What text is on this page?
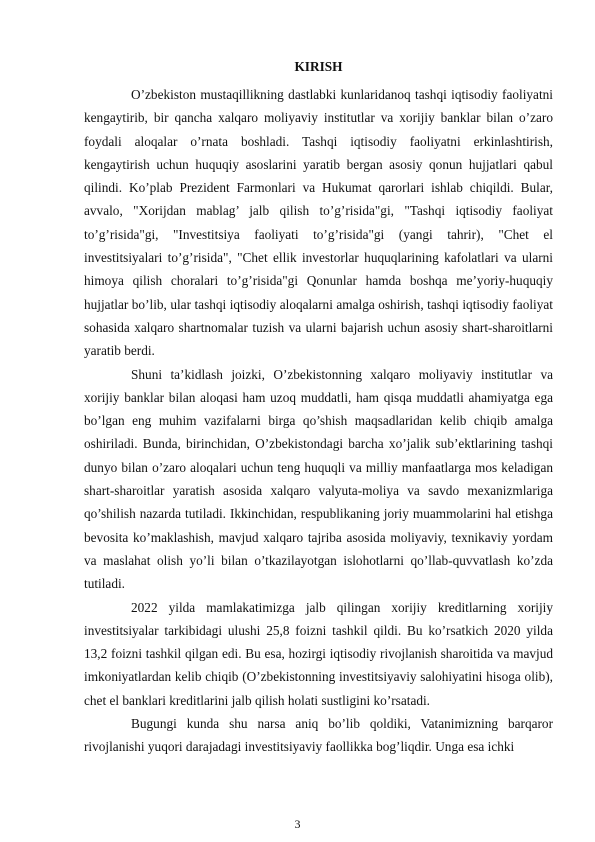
KIRISH

O’zbekiston mustaqillikning dastlabki kunlaridanoq tashqi iqtisodiy faoliyatni kengaytirib, bir qancha xalqaro moliyaviy institutlar va xorijiy banklar bilan o’zaro foydali aloqalar o’rnata boshladi. Tashqi iqtisodiy faoliyatni erkinlashtirish, kengaytirish uchun huquqiy asoslarini yaratib bergan asosiy qonun hujjatlari qabul qilindi. Ko’plab Prezident Farmonlari va Hukumat qarorlari ishlab chiqildi. Bular, avvalo, "Xorijdan mablag’ jalb qilish to’g’risida"gi, "Tashqi iqtisodiy faoliyat to’g’risida"gi, "Investitsiya faoliyati to’g’risida"gi (yangi tahrir), "Chet el investitsiyalari to’g’risida", "Chet ellik investorlar huquqlarining kafolatlari va ularni himoya qilish choralari to’g’risida"gi Qonunlar hamda boshqa me’yoriy-huquqiy hujjatlar bo’lib, ular tashqi iqtisodiy aloqalarni amalga oshirish, tashqi iqtisodiy faoliyat sohasida xalqaro shartnomalar tuzish va ularni bajarish uchun asosiy shart-sharoitlarni yaratib berdi.

Shuni ta’kidlash joizki, O’zbekistonning xalqaro moliyaviy institutlar va xorijiy banklar bilan aloqasi ham uzoq muddatli, ham qisqa muddatli ahamiyatga ega bo’lgan eng muhim vazifalarni birga qo’shish maqsadlaridan kelib chiqib amalga oshiriladi. Bunda, birinchidan, O’zbekistondagi barcha xo’jalik sub’ektlarining tashqi dunyo bilan o’zaro aloqalari uchun teng huquqli va milliy manfaatlarga mos keladigan shart-sharoitlar yaratish asosida xalqaro valyuta-moliya va savdo mexanizmlariga qo’shilish nazarda tutiladi. Ikkinchidan, respublikaning joriy muammolarini hal etishga bevosita ko’maklashish, mavjud xalqaro tajriba asosida moliyaviy, texnikaviy yordam va maslahat olish yo’li bilan o’tkazilayotgan islohotlarni qo’llab-quvvatlash ko’zda tutiladi.

2022 yilda mamlakatimizga jalb qilingan xorijiy kreditlarning xorijiy investitsiyalar tarkibidagi ulushi 25,8 foizni tashkil qildi. Bu ko’rsatkich 2020 yilda 13,2 foizni tashkil qilgan edi. Bu esa, hozirgi iqtisodiy rivojlanish sharoitida va mavjud imkoniyatlardan kelib chiqib (O’zbekistonning investitsiyaviy salohiyatini hisoga olib), chet el banklari kreditlarini jalb qilish holati sustligini ko’rsatadi.

Bugungi kunda shu narsa aniq bo’lib qoldiki, Vatanimizning barqaror rivojlanishi yuqori darajadagi investitsiyaviy faollikka bog’liqdir. Unga esa ichki

3
